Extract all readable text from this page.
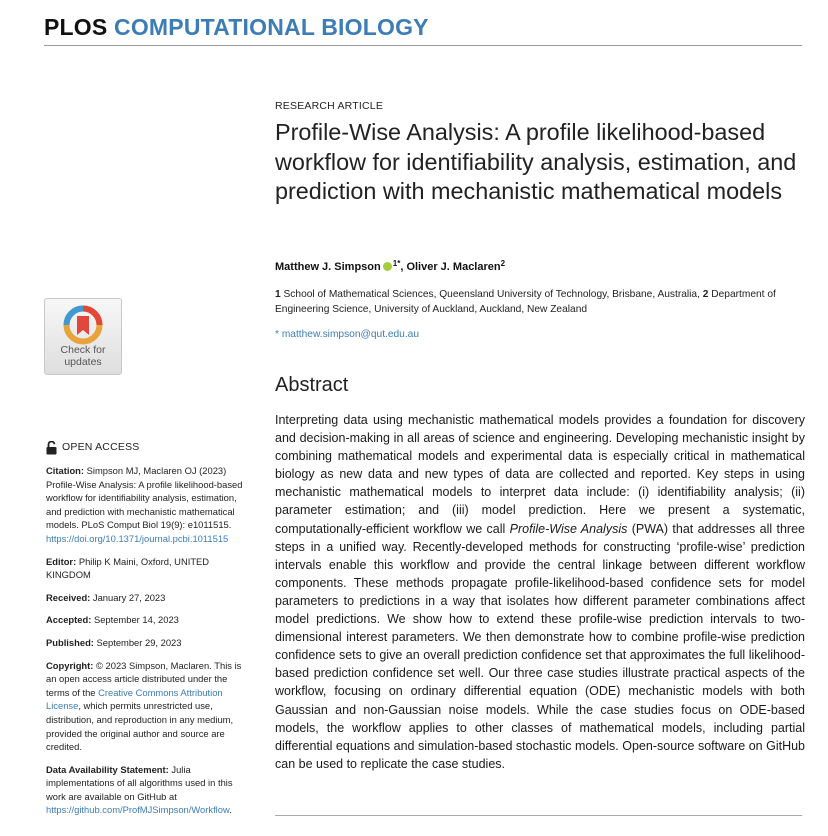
PLOS COMPUTATIONAL BIOLOGY
RESEARCH ARTICLE
Profile-Wise Analysis: A profile likelihood-based workflow for identifiability analysis, estimation, and prediction with mechanistic mathematical models
Matthew J. Simpson $^{1*}$, Oliver J. Maclaren$^2$
1 School of Mathematical Sciences, Queensland University of Technology, Brisbane, Australia, 2 Department of Engineering Science, University of Auckland, Auckland, New Zealand
* matthew.simpson@qut.edu.au
Check for
updates
OPEN ACCESS

Citation: Simpson MJ, Maclaren OJ (2023) Profile-Wise Analysis: A profile likelihood-based workflow for identifiability analysis, estimation, and prediction with mechanistic mathematical models. PLoS Comput Biol 19(9): e1011515. https://doi.org/10.1371/journal.pcbi.1011515

Editor: Philip K Maini, Oxford, UNITED KINGDOM

Received: January 27, 2023

Accepted: September 14, 2023

Published: September 29, 2023

Copyright: © 2023 Simpson, Maclaren. This is an open access article distributed under the terms of the Creative Commons Attribution License, which permits unrestricted use, distribution, and reproduction in any medium, provided the original author and source are credited.

Data Availability Statement: Julia implementations of all algorithms used in this work are available on GitHub at https://github.com/ProfMJSimpson/Workflow.

Abstract

Interpreting data using mechanistic mathematical models provides a foundation for discovery and decision-making in all areas of science and engineering. Developing mechanistic insight by combining mathematical models and experimental data is especially critical in mathematical biology as new data and new types of data are collected and reported. Key steps in using mechanistic mathematical models to interpret data include: (i) identifiability analysis; (ii) parameter estimation; and (iii) model prediction. Here we present a systematic, computationally-efficient workflow we call Profile-Wise Analysis (PWA) that addresses all three steps in a unified way. Recently-developed methods for constructing ‘profile-wise’ prediction intervals enable this workflow and provide the central linkage between different workflow components. These methods propagate profile-likelihood-based confidence sets for model parameters to predictions in a way that isolates how different parameter combinations affect model predictions. We show how to extend these profile-wise prediction intervals to two-dimensional interest parameters. We then demonstrate how to combine profile-wise prediction confidence sets to give an overall prediction confidence set that approximates the full likelihood-based prediction confidence set well. Our three case studies illustrate practical aspects of the workflow, focusing on ordinary differential equation (ODE) mechanistic models with both Gaussian and non-Gaussian noise models. While the case studies focus on ODE-based models, the workflow applies to other classes of mathematical models, including partial differential equations and simulation-based stochastic models. Open-source software on GitHub can be used to replicate the case studies.
